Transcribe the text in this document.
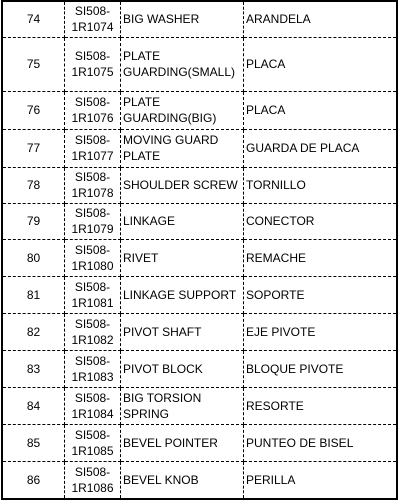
74	SI508-1R1074	BIG WASHER	ARANDELA

75	SI508-1R1075	PLATE GUARDING(SMALL)	PLACA

76	SI508-1R1076	PLATE GUARDING(BIG)	PLACA

77	SI508-1R1077	MOVING GUARD PLATE	GUARDA DE PLACA

78	SI508-1R1078	SHOULDER SCREW	TORNILLO

79	SI508-1R1079	LINKAGE	CONECTOR

80	SI508-1R1080	RIVET	REMACHE

81	SI508-1R1081	LINKAGE SUPPORT	SOPORTE

82	SI508-1R1082	PIVOT SHAFT	EJE PIVOTE

83	SI508-1R1083	PIVOT BLOCK	BLOQUE PIVOTE

84	SI508-1R1084	BIG TORSION SPRING	RESORTE

85	SI508-1R1085	BEVEL POINTER	PUNTEO DE BISEL

86	SI508-1R1086	BEVEL KNOB	PERILLA
